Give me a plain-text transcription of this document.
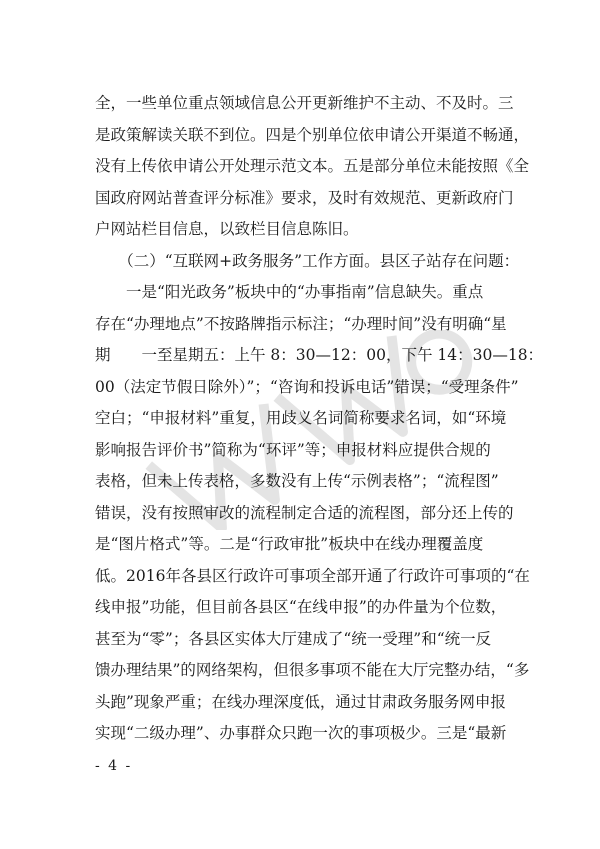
全，一些单位重点领域信息公开更新维护不主动、不及时。三
是政策解读关联不到位。四是个别单位依申请公开渠道不畅通，
没有上传依申请公开处理示范文本。五是部分单位未能按照《全
国政府网站普查评分标准》要求，及时有效规范、更新政府门
户网站栏目信息，以致栏目信息陈旧。
　　（二）“互联网+政务服务”工作方面。县区子站存在问题：
　　一是“阳光政务”板块中的“办事指南”信息缺失。重点
存在“办理地点”不按路牌指示标注；“办理时间”没有明确“星
期　　一至星期五：上午 8：30—12：00，下午 14：30—18：
00（法定节假日除外）”；“咨询和投诉电话”错误；“受理条件”
空白；“申报材料”重复，用歧义名词简称要求名词，如“环境
影响报告评价书”简称为“环评”等；申报材料应提供合规的
表格，但未上传表格，多数没有上传“示例表格”；“流程图”
错误，没有按照审改的流程制定合适的流程图，部分还上传的
是“图片格式”等。二是“行政审批”板块中在线办理覆盖度
低。2016年各县区行政许可事项全部开通了行政许可事项的“在
线申报”功能，但目前各县区“在线申报”的办件量为个位数，
甚至为“零”；各县区实体大厅建成了“统一受理”和“统一反
馈办理结果”的网络架构，但很多事项不能在大厅完整办结，“多
头跑”现象严重；在线办理深度低，通过甘肃政务服务网申报
实现“二级办理”、办事群众只跑一次的事项极少。三是“最新
- 4 -
